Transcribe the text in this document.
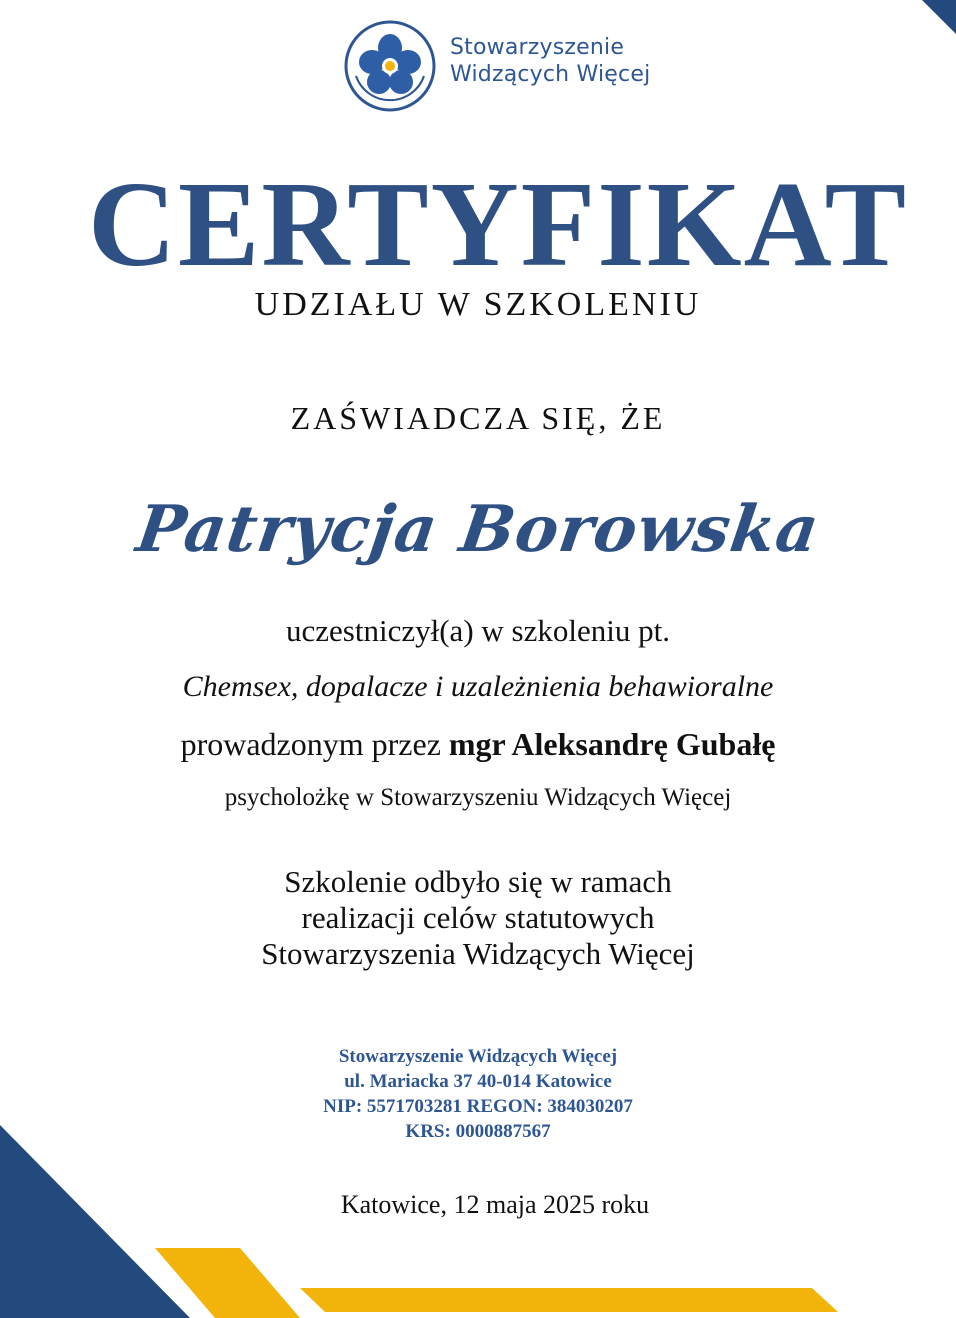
Stowarzyszenie
Widzących Więcej
CERTYFIKAT
UDZIAŁU W SZKOLENIU
ZAŚWIADCZA SIĘ, ŻE
Patrycja Borowska
uczestniczył(a) w szkoleniu pt.
Chemsex, dopalacze i uzależnienia behawioralne
prowadzonym przez mgr Aleksandrę Gubałę
psycholożkę w Stowarzyszeniu Widzących Więcej
Szkolenie odbyło się w ramach
realizacji celów statutowych
Stowarzyszenia Widzących Więcej
Stowarzyszenie Widzących Więcej
ul. Mariacka 37 40-014 Katowice
NIP: 5571703281 REGON: 384030207
KRS: 0000887567
Katowice, 12 maja 2025 roku
